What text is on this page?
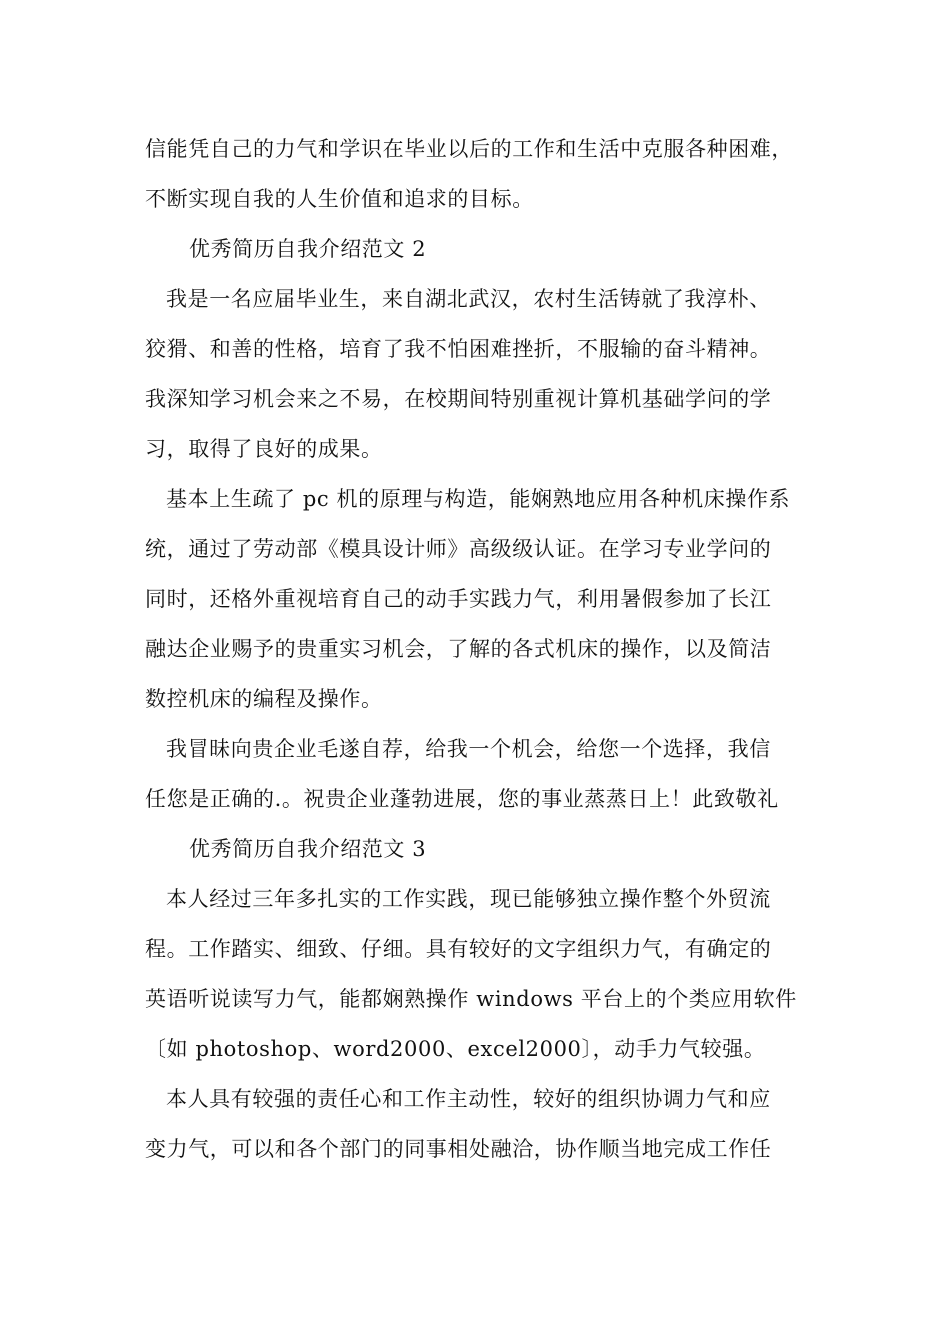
信能凭自己的力气和学识在毕业以后的工作和生活中克服各种困难，
不断实现自我的人生价值和追求的目标。
优秀简历自我介绍范文 2
我是一名应届毕业生，来自湖北武汉，农村生活铸就了我淳朴、
狡猾、和善的性格，培育了我不怕困难挫折，不服输的奋斗精神。
我深知学习机会来之不易，在校期间特别重视计算机基础学问的学
习，取得了良好的成果。
基本上生疏了 pc 机的原理与构造，能娴熟地应用各种机床操作系
统，通过了劳动部《模具设计师》高级级认证。在学习专业学问的
同时，还格外重视培育自己的动手实践力气，利用暑假参加了长江
融达企业赐予的贵重实习机会，了解的各式机床的操作，以及简洁
数控机床的编程及操作。
我冒昧向贵企业毛遂自荐，给我一个机会，给您一个选择，我信
任您是正确的.。祝贵企业蓬勃进展，您的事业蒸蒸日上！此致敬礼
优秀简历自我介绍范文 3
本人经过三年多扎实的工作实践，现已能够独立操作整个外贸流
程。工作踏实、细致、仔细。具有较好的文字组织力气，有确定的
英语听说读写力气，能都娴熟操作 windows 平台上的个类应用软件
〔如 photoshop、word2000、excel2000〕，动手力气较强。
本人具有较强的责任心和工作主动性，较好的组织协调力气和应
变力气，可以和各个部门的同事相处融洽，协作顺当地完成工作任
